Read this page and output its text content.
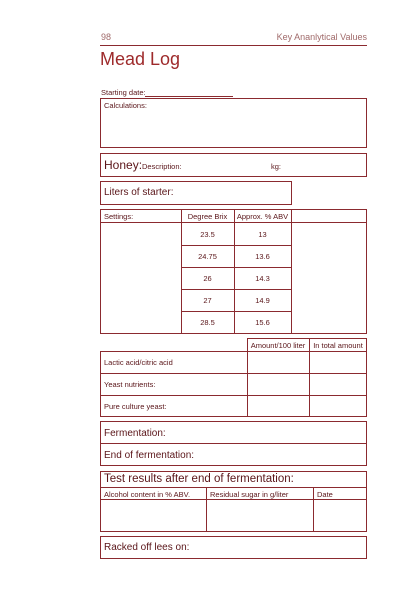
98	Key Ananlytical Values
Mead Log
Starting date:
Calculations:
Honey: Description:	kg:
Liters of starter:
Settings:	Degree Brix	Approx. % ABV
23.5	13
24.75	13.6
26	14.3
27	14.9
28.5	15.6
Amount/100 liter	In total amount
Lactic acid/citric acid
Yeast nutrients:
Pure culture yeast:
Fermentation:
End of fermentation:
Test results after end of fermentation:
Alcohol content in % ABV.	Residual sugar in g/liter	Date
Racked off lees on:
